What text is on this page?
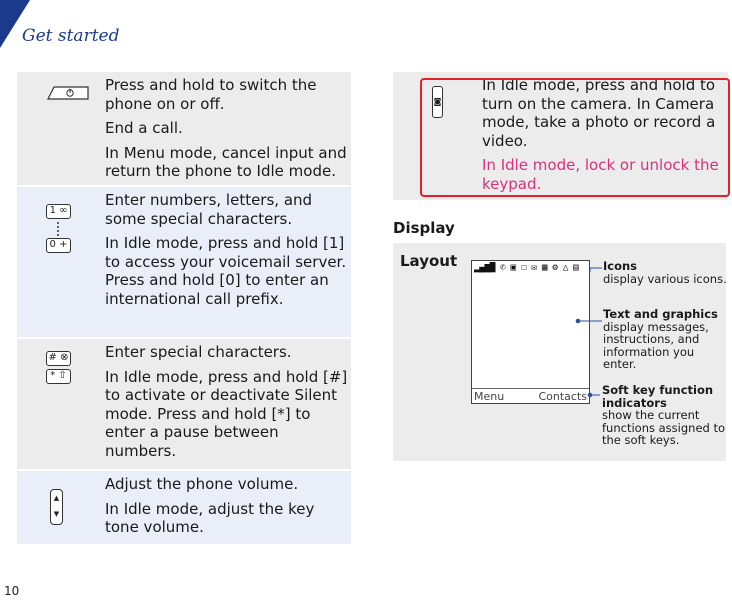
Get started

Press and hold to switch the phone on or off.

End a call.

In Menu mode, cancel input and return the phone to Idle mode.

1 ∞
0 +

Enter numbers, letters, and some special characters.

In Idle mode, press and hold [1] to access your voicemail server. Press and hold [0] to enter an international call prefix.

# ⊗
* ⇧

Enter special characters.

In Idle mode, press and hold [#] to activate or deactivate Silent mode. Press and hold [*] to enter a pause between numbers.

▲
▼

Adjust the phone volume.

In Idle mode, adjust the key tone volume.

◙

In Idle mode, press and hold to turn on the camera. In Camera mode, take a photo or record a video.

In Idle mode, lock or unlock the keypad.

Display
Layout ▂▄▆█ ✆ ▣ ☐ ✉ ▦ ⚙ △ ▤
Menu	Contacts
Icons
display various icons.
Text and graphics
display messages, instructions, and information you enter.
Soft key function indicators
show the current functions assigned to the soft keys.
10
